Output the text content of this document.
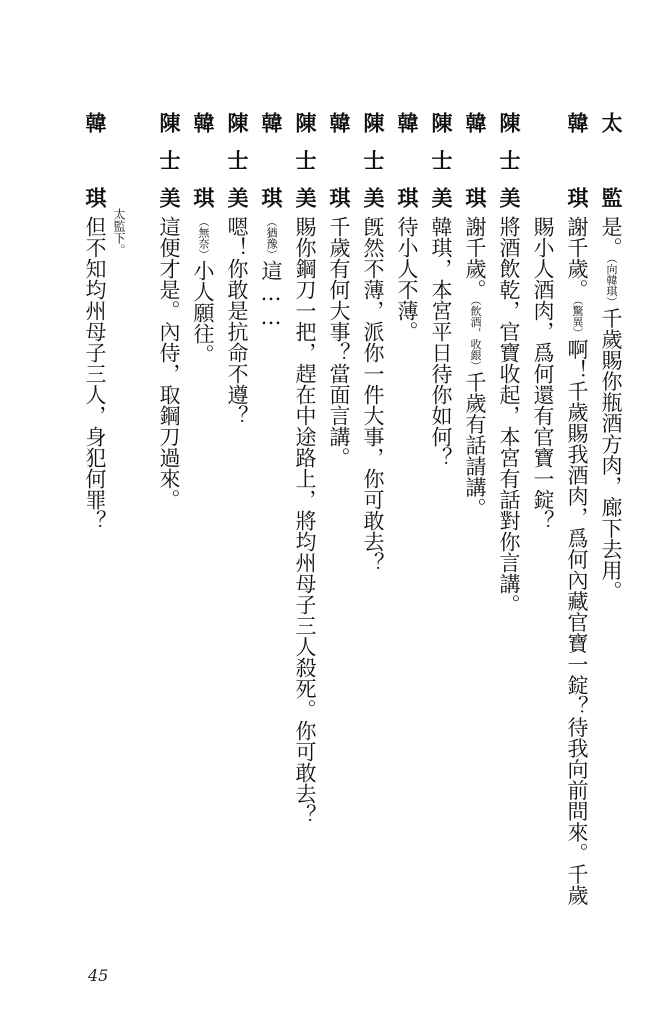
太監是。（向韓琪）千歲賜你瓶酒方肉，廊下去用。
韓琪謝千歲。（驚異）啊！千歲賜我酒肉，爲何內藏官寶一錠？待我向前問來。千歲
賜小人酒肉，爲何還有官寶一錠？
陳士美將酒飲乾，官寶收起，本宮有話對你言講。
韓琪謝千歲。（飲酒，收銀）千歲有話請講。
陳士美韓琪，本宮平日待你如何？
韓琪待小人不薄。
陳士美旣然不薄，派你一件大事，你可敢去？
韓琪千歲有何大事？當面言講。
陳士美賜你鋼刀一把，趕在中途路上，將均州母子三人殺死。你可敢去？
韓琪（猶豫）這……
陳士美嗯！你敢是抗命不遵？
韓琪（無奈）小人願往。
陳士美這便才是。內侍，取鋼刀過來。
太監下。
韓琪但不知均州母子三人，身犯何罪？
45
